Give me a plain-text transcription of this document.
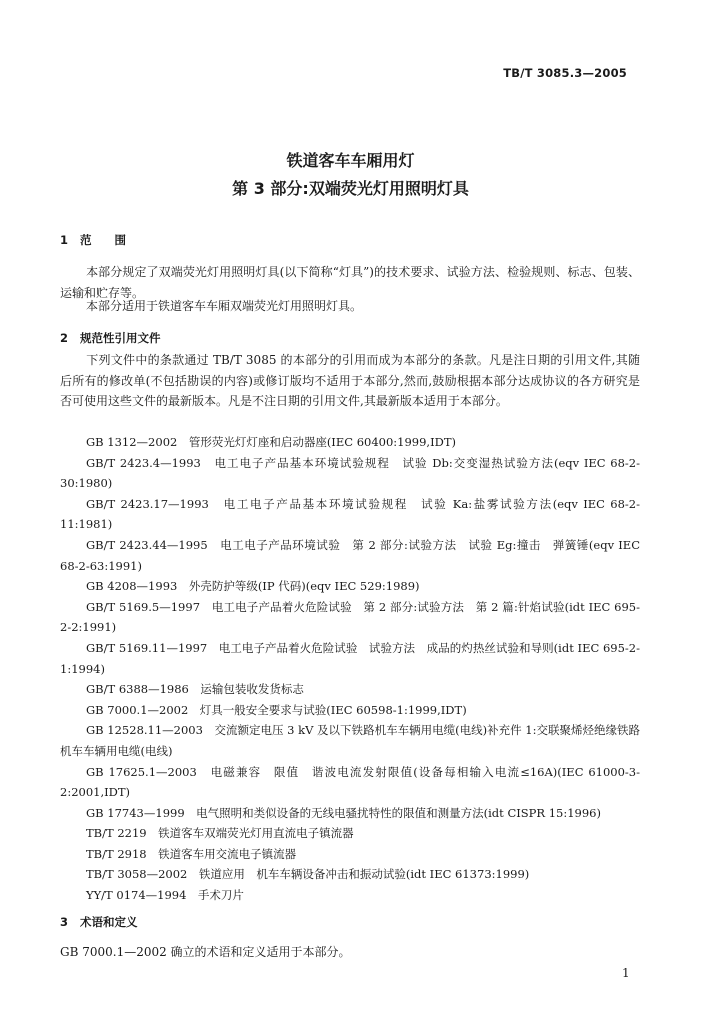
TB/T 3085.3—2005
铁道客车车厢用灯
第 3 部分:双端荧光灯用照明灯具
1 范　　围
本部分规定了双端荧光灯用照明灯具(以下简称“灯具”)的技术要求、试验方法、检验规则、标志、包装、运输和贮存等。
本部分适用于铁道客车车厢双端荧光灯用照明灯具。
2 规范性引用文件
下列文件中的条款通过 TB/T 3085 的本部分的引用而成为本部分的条款。凡是注日期的引用文件,其随后所有的修改单(不包括勘误的内容)或修订版均不适用于本部分,然而,鼓励根据本部分达成协议的各方研究是否可使用这些文件的最新版本。凡是不注日期的引用文件,其最新版本适用于本部分。

GB 1312—2002　管形荧光灯灯座和启动器座(IEC 60400:1999,IDT)

GB/T 2423.4—1993　电工电子产品基本环境试验规程　试验 Db:交变湿热试验方法(eqv IEC 68-2-30:1980)

GB/T 2423.17—1993　电工电子产品基本环境试验规程　试验 Ka:盐雾试验方法(eqv IEC 68-2-11:1981)

GB/T 2423.44—1995　电工电子产品环境试验　第 2 部分:试验方法　试验 Eg:撞击　弹簧锤(eqv IEC 68-2-63:1991)

GB 4208—1993　外壳防护等级(IP 代码)(eqv IEC 529:1989)

GB/T 5169.5—1997　电工电子产品着火危险试验　第 2 部分:试验方法　第 2 篇:针焰试验(idt IEC 695-2-2:1991)

GB/T 5169.11—1997　电工电子产品着火危险试验　试验方法　成品的灼热丝试验和导则(idt IEC 695-2-1:1994)

GB/T 6388—1986　运输包装收发货标志

GB 7000.1—2002　灯具一般安全要求与试验(IEC 60598-1:1999,IDT)

GB 12528.11—2003　交流额定电压 3 kV 及以下铁路机车车辆用电缆(电线)补充件 1:交联聚烯烃绝缘铁路机车车辆用电缆(电线)

GB 17625.1—2003　电磁兼容　限值　谐波电流发射限值(设备每相输入电流≤16A)(IEC 61000-3-2:2001,IDT)

GB 17743—1999　电气照明和类似设备的无线电骚扰特性的限值和测量方法(idt CISPR 15:1996)

TB/T 2219　铁道客车双端荧光灯用直流电子镇流器

TB/T 2918　铁道客车用交流电子镇流器

TB/T 3058—2002　铁道应用　机车车辆设备冲击和振动试验(idt IEC 61373:1999)

YY/T 0174—1994　手术刀片

3 术语和定义
GB 7000.1—2002 确立的术语和定义适用于本部分。
1
